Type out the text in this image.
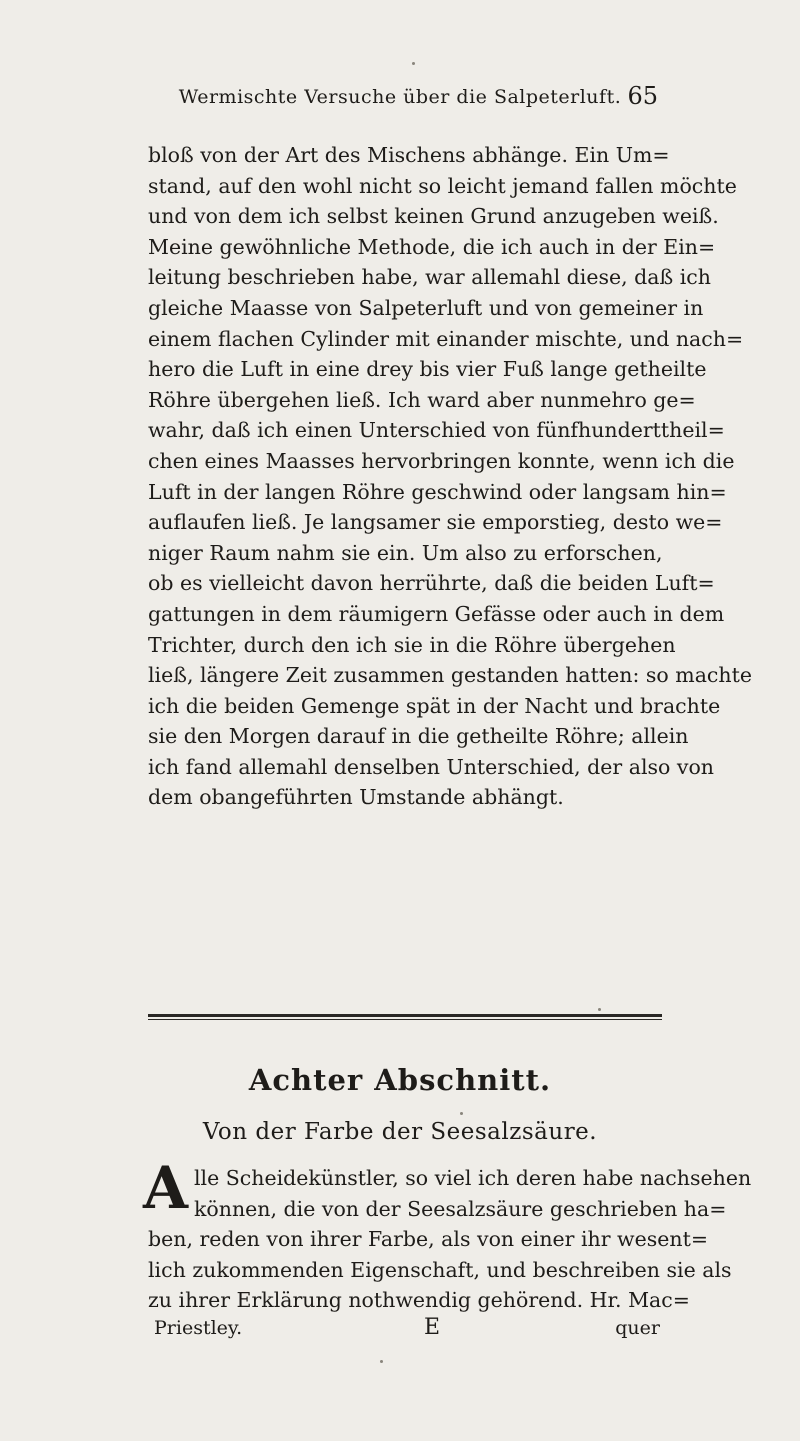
Wermischte Versuche über die Salpeterluft. 65
bloß von der Art des Mischens abhänge. Ein Um=
stand, auf den wohl nicht so leicht jemand fallen möchte
und von dem ich selbst keinen Grund anzugeben weiß.
Meine gewöhnliche Methode, die ich auch in der Ein=
leitung beschrieben habe, war allemahl diese, daß ich
gleiche Maasse von Salpeterluft und von gemeiner in
einem flachen Cylinder mit einander mischte, und nach=
hero die Luft in eine drey bis vier Fuß lange getheilte
Röhre übergehen ließ. Ich ward aber nunmehro ge=
wahr, daß ich einen Unterschied von fünfhunderttheil=
chen eines Maasses hervorbringen konnte, wenn ich die
Luft in der langen Röhre geschwind oder langsam hin=
auflaufen ließ. Je langsamer sie emporstieg, desto we=
niger Raum nahm sie ein. Um also zu erforschen,
ob es vielleicht davon herrührte, daß die beiden Luft=
gattungen in dem räumigern Gefässe oder auch in dem
Trichter, durch den ich sie in die Röhre übergehen
ließ, längere Zeit zusammen gestanden hatten: so machte
ich die beiden Gemenge spät in der Nacht und brachte
sie den Morgen darauf in die getheilte Röhre; allein
ich fand allemahl denselben Unterschied, der also von
dem obangeführten Umstande abhängt.
Achter Abschnitt.
Von der Farbe der Seesalzsäure.
A lle Scheidekünstler, so viel ich deren habe nachsehen
können, die von der Seesalzsäure geschrieben ha=
ben, reden von ihrer Farbe, als von einer ihr wesent=
lich zukommenden Eigenschaft, und beschreiben sie als
zu ihrer Erklärung nothwendig gehörend. Hr. Mac=
Priestley.	E	quer
